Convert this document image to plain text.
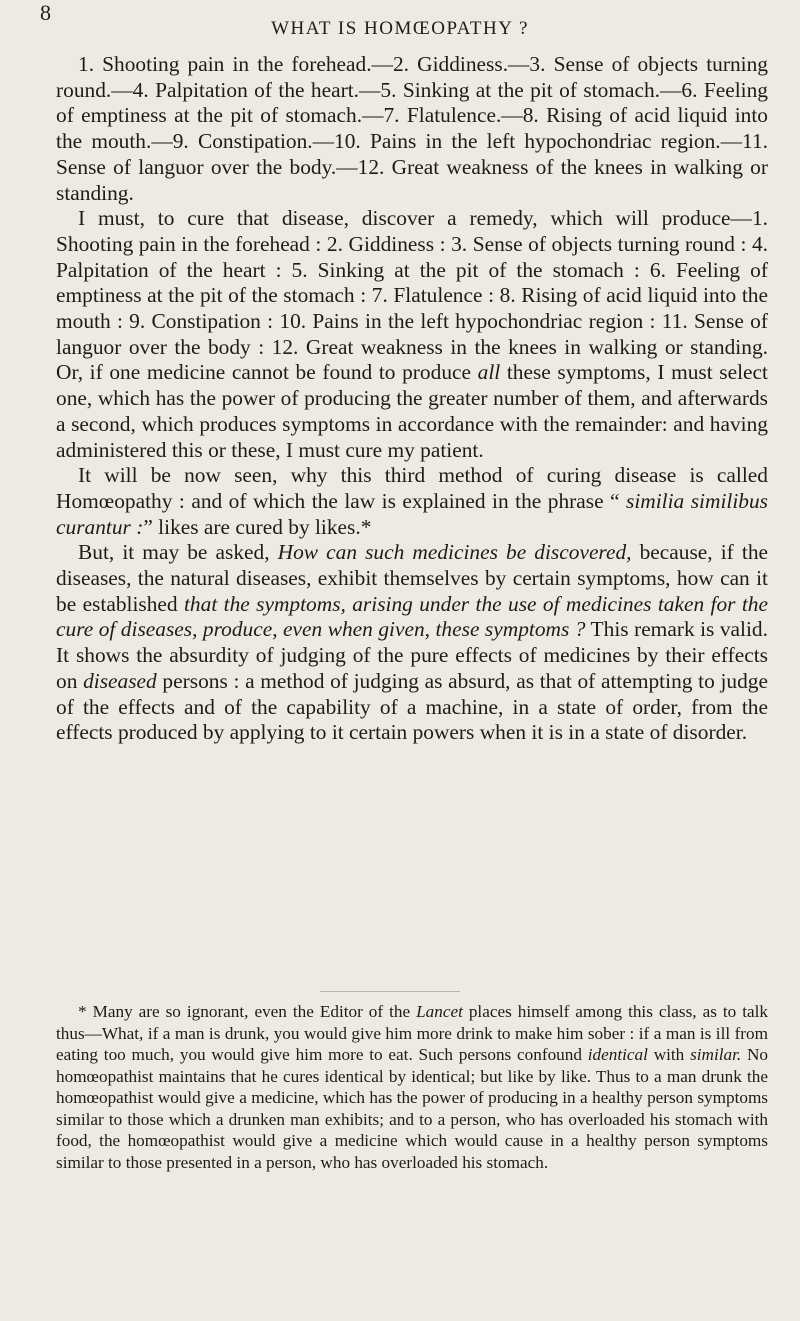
8
WHAT IS HOMŒOPATHY ?

1. Shooting pain in the forehead.—2. Giddiness.—3. Sense of objects turning round.—4. Palpitation of the heart.—5. Sinking at the pit of stomach.—6. Feeling of emptiness at the pit of stomach.—7. Flatulence.—8. Rising of acid liquid into the mouth.—9. Constipation.—10. Pains in the left hypochondriac region.—11. Sense of languor over the body.—12. Great weakness of the knees in walking or standing.

I must, to cure that disease, discover a remedy, which will produce—1. Shooting pain in the forehead : 2. Giddiness : 3. Sense of objects turning round : 4. Palpitation of the heart : 5. Sinking at the pit of the stomach : 6. Feeling of emptiness at the pit of the stomach : 7. Flatulence : 8. Rising of acid liquid into the mouth : 9. Constipation : 10. Pains in the left hypochondriac region : 11. Sense of languor over the body : 12. Great weakness in the knees in walking or standing. Or, if one medicine cannot be found to produce all these symptoms, I must select one, which has the power of producing the greater number of them, and afterwards a second, which produces symptoms in accordance with the remainder: and having administered this or these, I must cure my patient.

It will be now seen, why this third method of curing disease is called Homœopathy : and of which the law is explained in the phrase “ similia similibus curantur :” likes are cured by likes.*

But, it may be asked, How can such medicines be discovered, because, if the diseases, the natural diseases, exhibit themselves by certain symptoms, how can it be established that the symptoms, arising under the use of medicines taken for the cure of diseases, produce, even when given, these symptoms ? This remark is valid. It shows the absurdity of judging of the pure effects of medicines by their effects on diseased persons : a method of judging as absurd, as that of attempting to judge of the effects and of the capability of a machine, in a state of order, from the effects produced by applying to it certain powers when it is in a state of disorder.

* Many are so ignorant, even the Editor of the Lancet places himself among this class, as to talk thus—What, if a man is drunk, you would give him more drink to make him sober : if a man is ill from eating too much, you would give him more to eat. Such persons confound identical with similar. No homœopathist maintains that he cures identical by identical; but like by like. Thus to a man drunk the homœopathist would give a medicine, which has the power of producing in a healthy person symptoms similar to those which a drunken man exhibits; and to a person, who has overloaded his stomach with food, the homœopathist would give a medicine which would cause in a healthy person symptoms similar to those presented in a person, who has overloaded his stomach.
